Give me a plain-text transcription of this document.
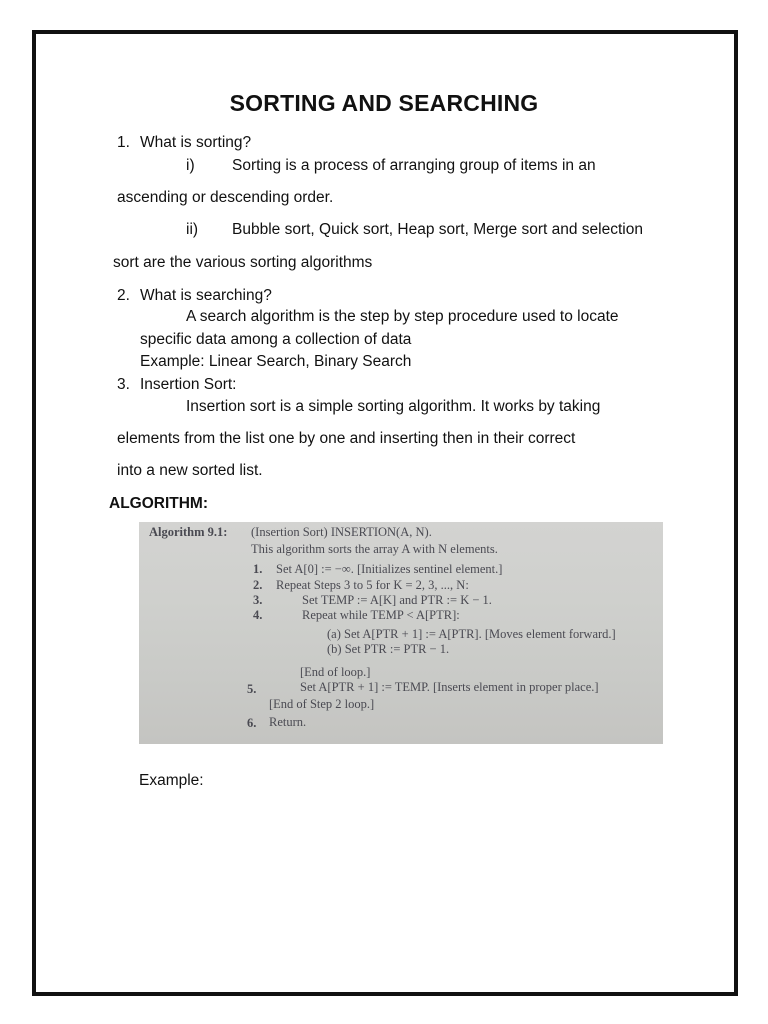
SORTING AND SEARCHING
1. What is sorting?
i) Sorting is a process of arranging group of items in an
ascending or descending order.
ii) Bubble sort, Quick sort, Heap sort, Merge sort and selection
sort are the various sorting algorithms
2. What is searching?
A search algorithm is the step by step procedure used to locate
specific data among a collection of data
Example: Linear Search, Binary Search
3. Insertion Sort:
Insertion sort is a simple sorting algorithm. It works by taking
elements from the list one by one and inserting then in their correct
into a new sorted list.
ALGORITHM:
Algorithm 9.1: (Insertion Sort) INSERTION(A, N).
This algorithm sorts the array A with N elements.
1. Set A[0] := −∞. [Initializes sentinel element.]
2. Repeat Steps 3 to 5 for K = 2, 3, ..., N:
3.	Set TEMP := A[K] and PTR := K − 1.
4.	Repeat while TEMP < A[PTR]:
(a) Set A[PTR + 1] := A[PTR]. [Moves element forward.]
(b) Set PTR := PTR − 1.
[End of loop.]
5.	Set A[PTR + 1] := TEMP. [Inserts element in proper place.]
[End of Step 2 loop.]
6. Return.
Example:
